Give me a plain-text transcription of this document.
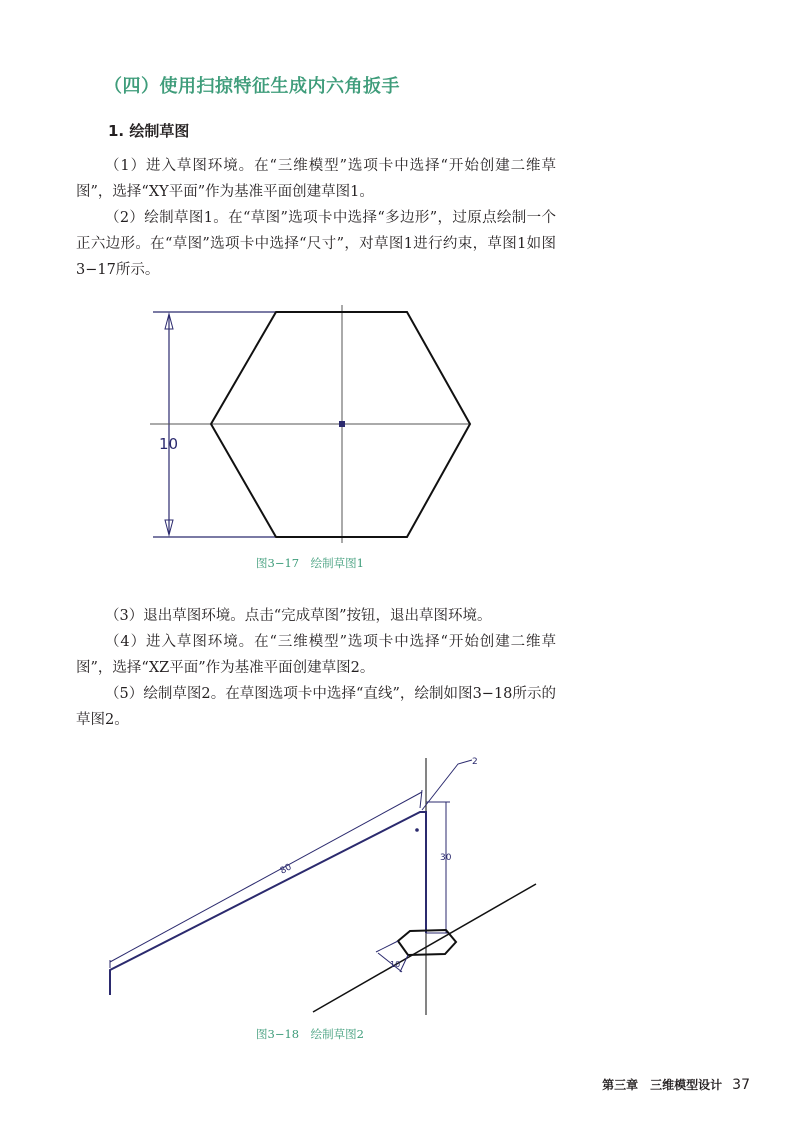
（四）使用扫掠特征生成内六角扳手
1. 绘制草图
（1）进入草图环境。在“三维模型”选项卡中选择“开始创建二维草图”，选择“XY平面”作为基准平面创建草图1。
（2）绘制草图1。在“草图”选项卡中选择“多边形”，过原点绘制一个正六边形。在“草图”选项卡中选择“尺寸”，对草图1进行约束，草图1如图3−17所示。
10
图3−17　绘制草图1
（3）退出草图环境。点击“完成草图”按钮，退出草图环境。
（4）进入草图环境。在“三维模型”选项卡中选择“开始创建二维草图”，选择“XZ平面”作为基准平面创建草图2。
（5）绘制草图2。在草图选项卡中选择“直线”，绘制如图3−18所示的草图2。
80
30
2
10
图3−18　绘制草图2
第三章　三维模型设计 37
